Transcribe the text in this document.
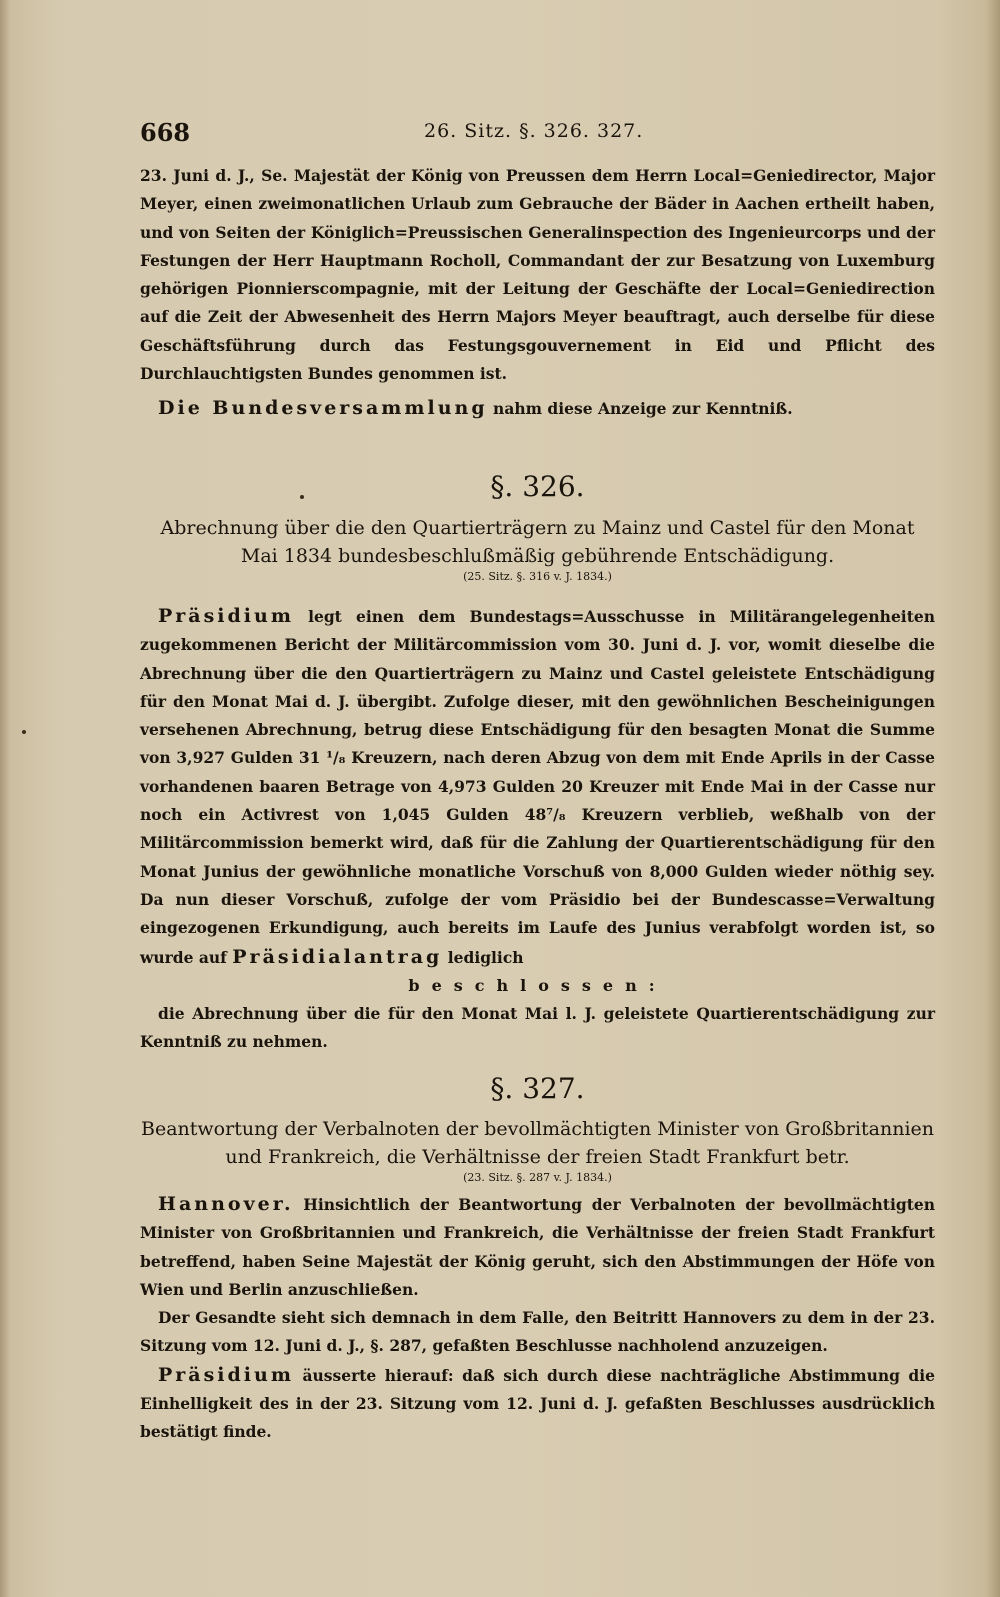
668	26. Sitz. §. 326. 327.

23. Juni d. J., Se. Majestät der König von Preussen dem Herrn Local=Geniedirector, Major Meyer, einen zweimonatlichen Urlaub zum Gebrauche der Bäder in Aachen ertheilt haben, und von Seiten der Königlich=Preussischen Generalinspection des Ingenieurcorps und der Festungen der Herr Hauptmann Rocholl, Commandant der zur Besatzung von Luxemburg gehörigen Pionnierscompagnie, mit der Leitung der Geschäfte der Local=Geniedirection auf die Zeit der Abwesenheit des Herrn Majors Meyer beauftragt, auch derselbe für diese Geschäftsführung durch das Festungsgouvernement in Eid und Pflicht des Durchlauchtigsten Bundes genommen ist.

Die Bundesversammlung nahm diese Anzeige zur Kenntniß.

§. 326.
Abrechnung über die den Quartierträgern zu Mainz und Castel für den Monat
Mai 1834 bundesbeschlußmäßig gebührende Entschädigung.
(25. Sitz. §. 316 v. J. 1834.)

Präsidium legt einen dem Bundestags=Ausschusse in Militärangelegenheiten zugekommenen Bericht der Militärcommission vom 30. Juni d. J. vor, womit dieselbe die Abrechnung über die den Quartierträgern zu Mainz und Castel geleistete Entschädigung für den Monat Mai d. J. übergibt. Zufolge dieser, mit den gewöhnlichen Bescheinigungen versehenen Abrechnung, betrug diese Entschädigung für den besagten Monat die Summe von 3,927 Gulden 31 ¹/₈ Kreuzern, nach deren Abzug von dem mit Ende Aprils in der Casse vorhandenen baaren Betrage von 4,973 Gulden 20 Kreuzer mit Ende Mai in der Casse nur noch ein Activrest von 1,045 Gulden 48⁷/₈ Kreuzern verblieb, weßhalb von der Militärcommission bemerkt wird, daß für die Zahlung der Quartierentschädigung für den Monat Junius der gewöhnliche monatliche Vorschuß von 8,000 Gulden wieder nöthig sey. Da nun dieser Vorschuß, zufolge der vom Präsidio bei der Bundescasse=Verwaltung eingezogenen Erkundigung, auch bereits im Laufe des Junius verabfolgt worden ist, so wurde auf Präsidialantrag lediglich

beschlossen:

die Abrechnung über die für den Monat Mai l. J. geleistete Quartierentschädigung zur Kenntniß zu nehmen.

§. 327.
Beantwortung der Verbalnoten der bevollmächtigten Minister von Großbritannien
und Frankreich, die Verhältnisse der freien Stadt Frankfurt betr.
(23. Sitz. §. 287 v. J. 1834.)

Hannover. Hinsichtlich der Beantwortung der Verbalnoten der bevollmächtigten Minister von Großbritannien und Frankreich, die Verhältnisse der freien Stadt Frankfurt betreffend, haben Seine Majestät der König geruht, sich den Abstimmungen der Höfe von Wien und Berlin anzuschließen.

Der Gesandte sieht sich demnach in dem Falle, den Beitritt Hannovers zu dem in der 23. Sitzung vom 12. Juni d. J., §. 287, gefaßten Beschlusse nachholend anzuzeigen.

Präsidium äusserte hierauf: daß sich durch diese nachträgliche Abstimmung die Einhelligkeit des in der 23. Sitzung vom 12. Juni d. J. gefaßten Beschlusses ausdrücklich bestätigt finde.
